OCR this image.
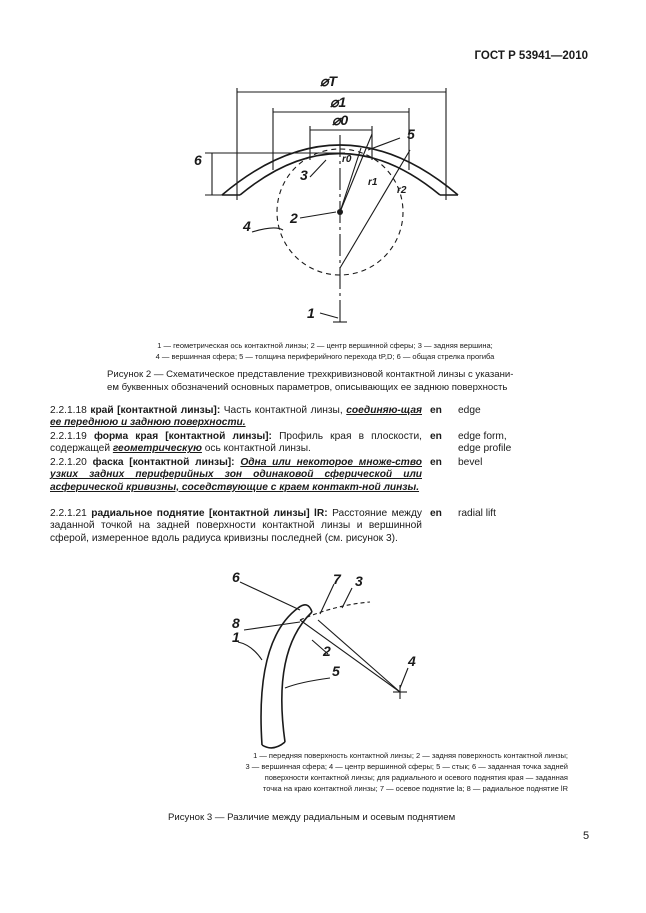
ГОСТ Р 53941—2010
⌀T
⌀1
⌀0
5
6
3
2
4
1
r0
r1
r2
1 — геометрическая ось контактной линзы; 2 — центр вершинной сферы; 3 — задняя вершина;
4 — вершинная сфера; 5 — толщина периферийного перехода tP,D; 6 — общая стрелка прогиба
Рисунок 2 — Схематическое представление трехкривизновой контактной линзы с указани-
ем буквенных обозначений основных параметров, описывающих ее заднюю поверхность
2.2.1.18 край [контактной линзы]: Часть контактной линзы, соединяю-щая ее переднюю и заднюю поверхности.
en edge
2.2.1.19 форма края [контактной линзы]: Профиль края в плоскости, содержащей геометрическую ось контактной линзы.
en edge form,
edge profile
2.2.1.20 фаска [контактной линзы]: Одна или некоторое множе-ство узких задних периферийных зон одинаковой сферической или асферической кривизны, соседствующие с краем контакт-ной линзы.
en bevel
2.2.1.21 радиальное поднятие [контактной линзы] lR: Расстояние между заданной точкой на задней поверхности контактной линзы и вершинной сферой, измеренное вдоль радиуса кривизны последней (см. рисунок 3).
en radial lift
6	7 3
8
1
2
5
4
1 — передняя поверхность контактной линзы; 2 — задняя поверхность контактной линзы;
3 — вершинная сфера; 4 — центр вершинной сферы; 5 — стык; 6 — заданная точка задней
поверхности контактной линзы; для радиального и осевого поднятия края — заданная
точка на краю контактной линзы; 7 — осевое поднятие la; 8 — радиальное поднятие lR
Рисунок 3 — Различие между радиальным и осевым поднятием
5
